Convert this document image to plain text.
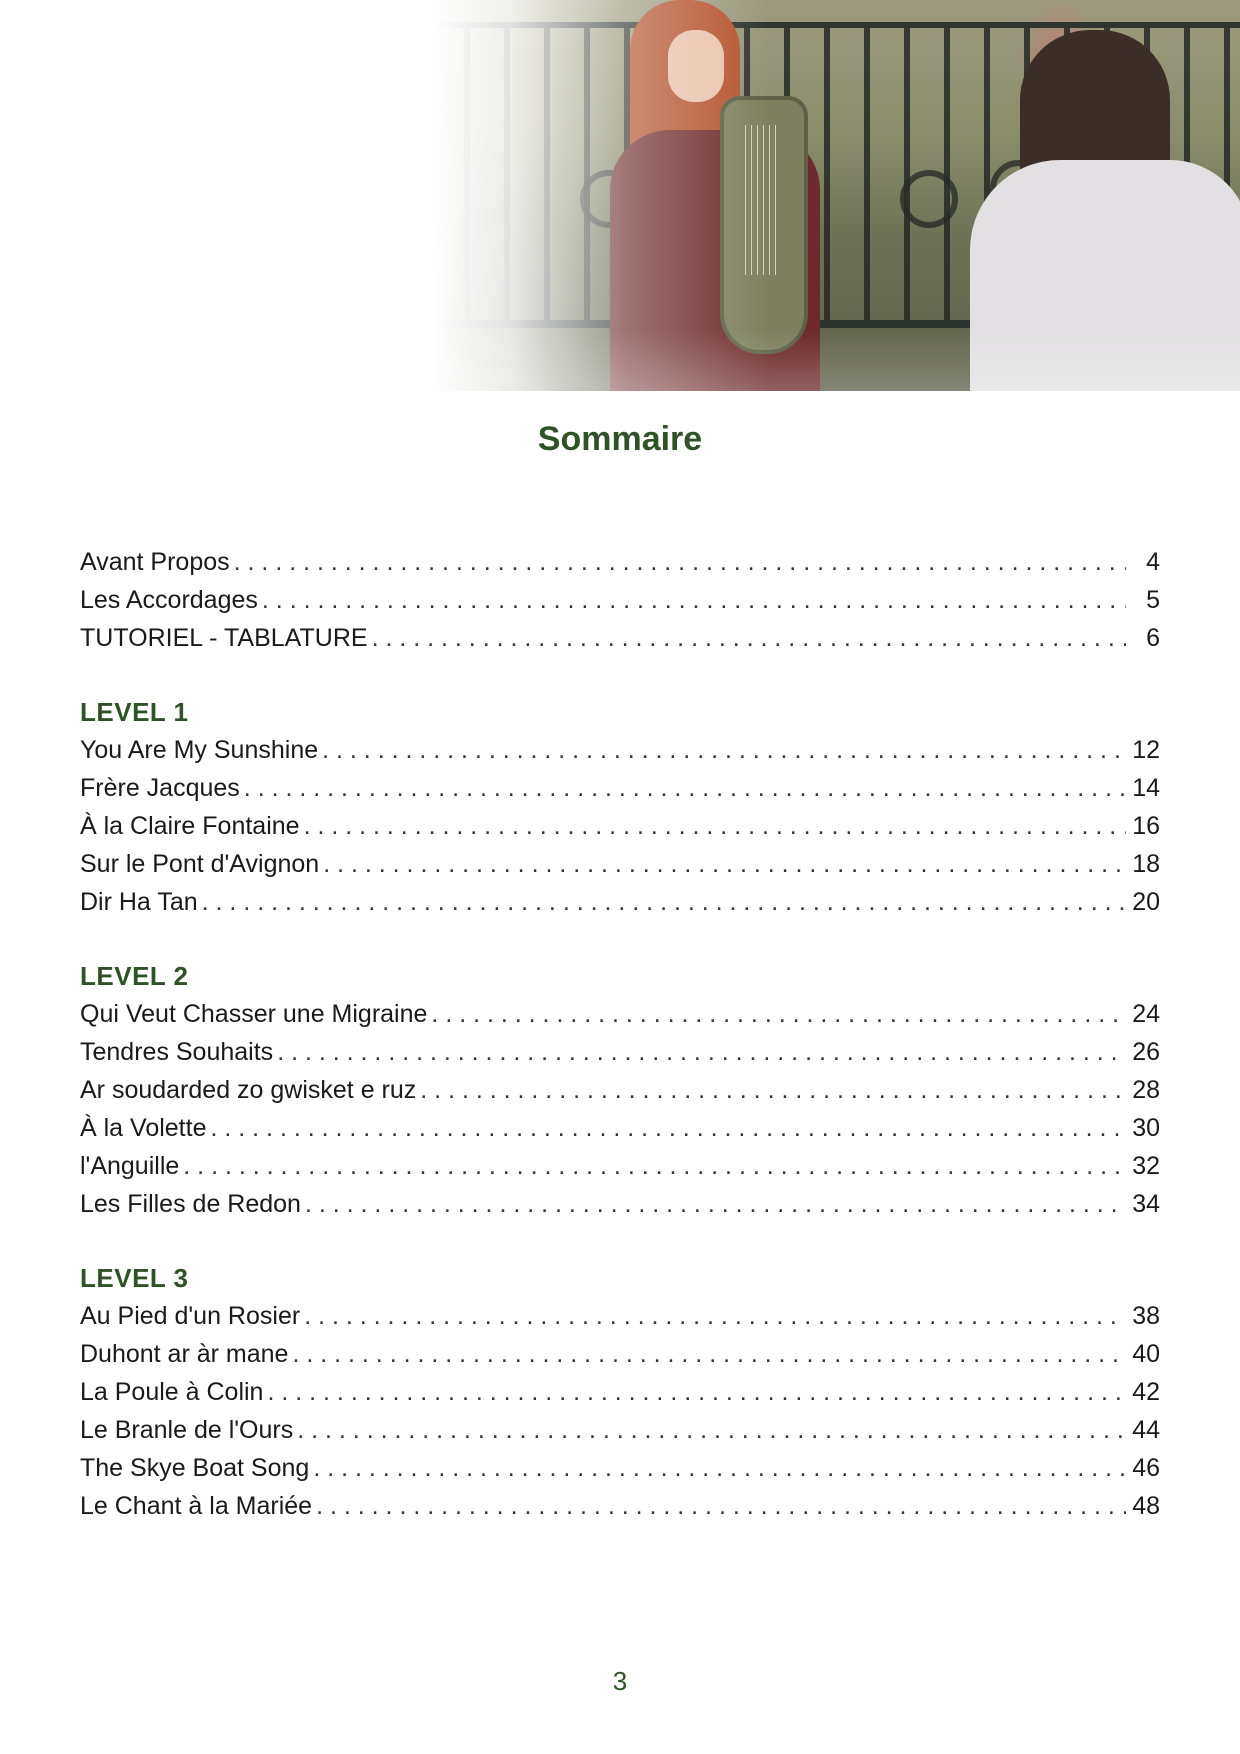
Sommaire
Avant Propos . . .	4
Les Accordages . . .	5
TUTORIEL - TABLATURE . . .	6
LEVEL 1
You Are My Sunshine . . .	12
Frère Jacques . . .	14
À la Claire Fontaine . . .	16
Sur le Pont d'Avignon . . .	18
Dir Ha Tan . . .	20
LEVEL 2
Qui Veut Chasser une Migraine . . .	24
Tendres Souhaits . . .	26
Ar soudarded zo gwisket e ruz . . .	28
À la Volette . . .	30
l'Anguille . . .	32
Les Filles de Redon . . .	34
LEVEL 3
Au Pied d'un Rosier . . .	38
Duhont ar àr mane . . .	40
La Poule à Colin . . .	42
Le Branle de l'Ours . . .	44
The Skye Boat Song . . .	46
Le Chant à la Mariée . . .	48
3
